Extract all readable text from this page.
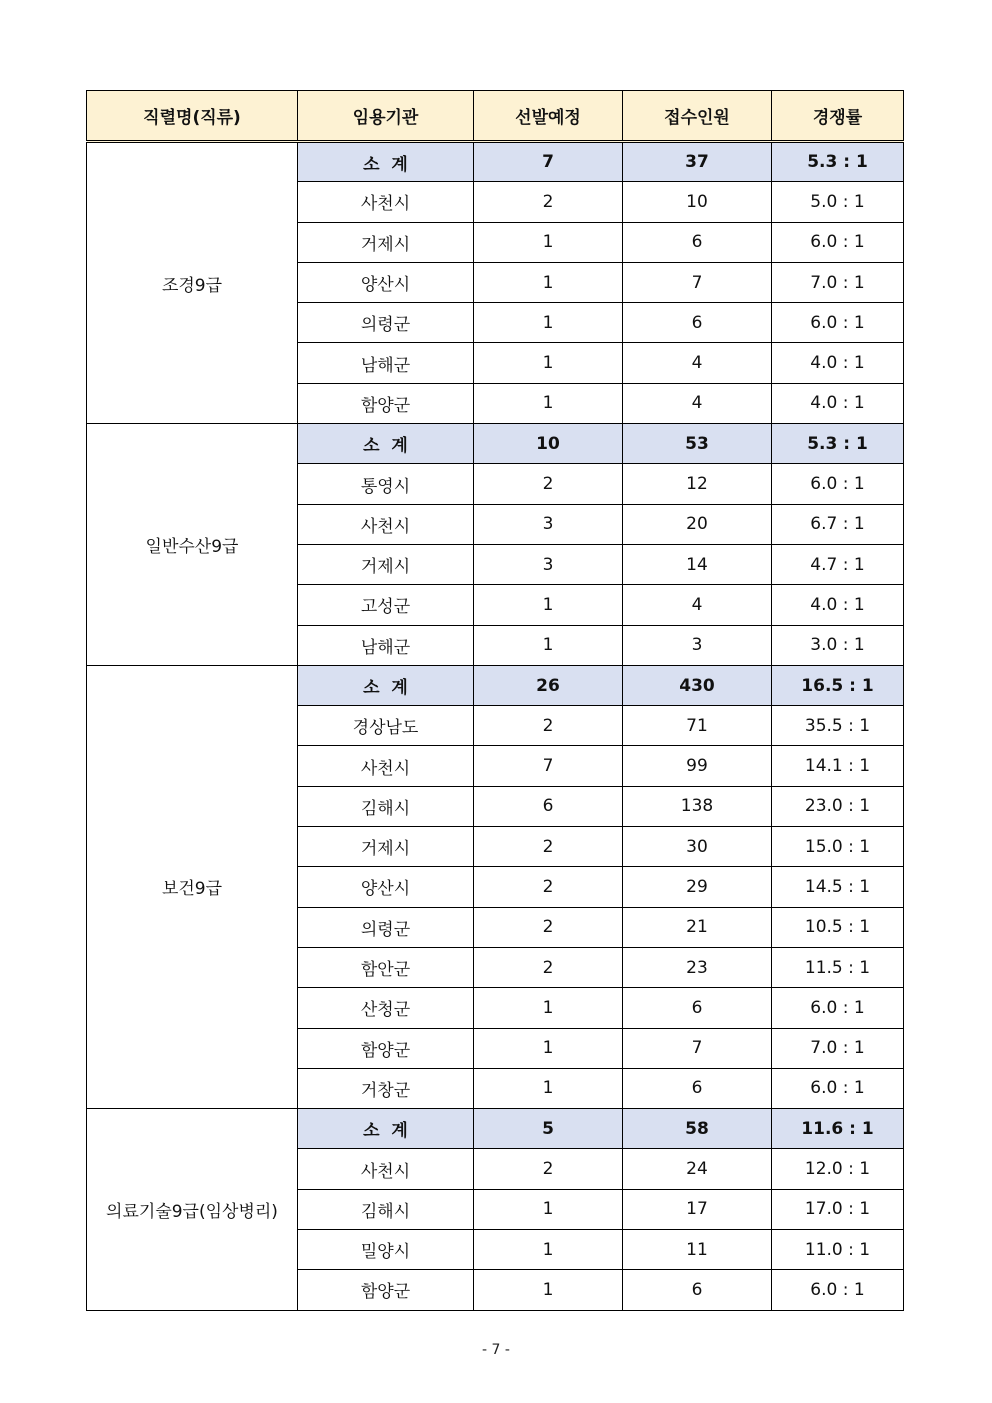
직렬명(직류)	임용기관	선발예정	접수인원	경쟁률
조경9급	소  계	7	37	5.3 : 1
	사천시	2	10	5.0 : 1
	거제시	1	6	6.0 : 1
	양산시	1	7	7.0 : 1
	의령군	1	6	6.0 : 1
	남해군	1	4	4.0 : 1
	함양군	1	4	4.0 : 1
일반수산9급	소  계	10	53	5.3 : 1
	통영시	2	12	6.0 : 1
	사천시	3	20	6.7 : 1
	거제시	3	14	4.7 : 1
	고성군	1	4	4.0 : 1
	남해군	1	3	3.0 : 1
보건9급	소  계	26	430	16.5 : 1
	경상남도	2	71	35.5 : 1
	사천시	7	99	14.1 : 1
	김해시	6	138	23.0 : 1
	거제시	2	30	15.0 : 1
	양산시	2	29	14.5 : 1
	의령군	2	21	10.5 : 1
	함안군	2	23	11.5 : 1
	산청군	1	6	6.0 : 1
	함양군	1	7	7.0 : 1
	거창군	1	6	6.0 : 1
의료기술9급(임상병리)	소  계	5	58	11.6 : 1
	사천시	2	24	12.0 : 1
	김해시	1	17	17.0 : 1
	밀양시	1	11	11.0 : 1
	함양군	1	6	6.0 : 1
- 7 -
